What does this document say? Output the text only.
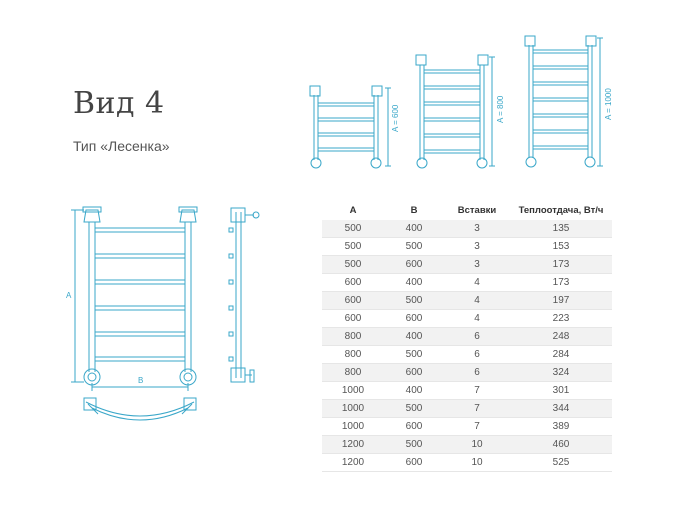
Вид 4
Тип «Лесенка»
A = 600	A = 800	A = 1000
A
B
A	B	Вставки	Теплоотдача, Вт/ч
500	400	3	135
500	500	3	153
500	600	3	173
600	400	4	173
600	500	4	197
600	600	4	223
800	400	6	248
800	500	6	284
800	600	6	324
1000	400	7	301
1000	500	7	344
1000	600	7	389
1200	500	10	460
1200	600	10	525
